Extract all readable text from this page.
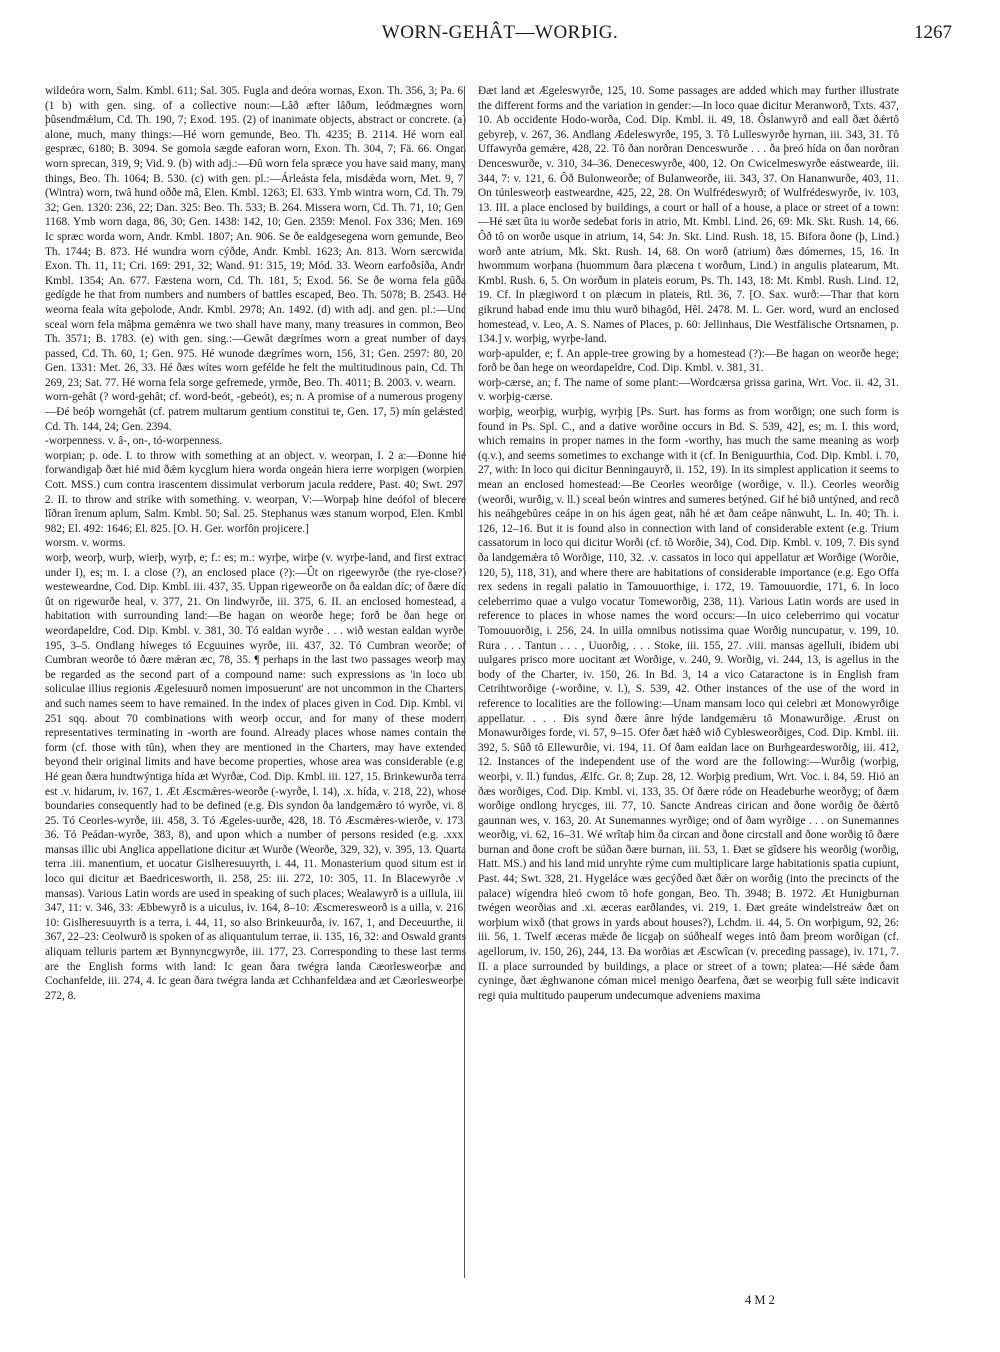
WORN-GEHÂT—WORÞIG.	1267

wildeóra worn, Salm. Kmbl. 611; Sal. 305. Fugla and deóra wornas, Exon. Th. 356, 3; Pa. 6. (1 b) with gen. sing. of a collective noun:—Lâð æfter lâðum, leódmægnes worn, þûsendmǽlum, Cd. Th. 190, 7; Exod. 195. (2) of inanimate objects, abstract or concrete. (a) alone, much, many things:—Hé worn gemunde, Beo. Th. 4235; B. 2114. Hé worn eall gespræc, 6180; B. 3094. Se gomola sægde eaforan worn, Exon. Th. 304, 7; Fä. 66. Ongan worn sprecan, 319, 9; Vid. 9. (b) with adj.:—Ðû worn fela spræce you have said many, many things, Beo. Th. 1064; B. 530. (c) with gen. pl.:—Árleásta fela, misdǽda worn, Met. 9, 7. (Wintra) worn, twâ hund oððe mâ, Elen. Kmbl. 1263; El. 633. Ymb wintra worn, Cd. Th. 79, 32; Gen. 1320: 236, 22; Dan. 325: Beo. Th. 533; B. 264. Missera worn, Cd. Th. 71, 10; Gen. 1168. Ymb worn daga, 86, 30; Gen. 1438: 142, 10; Gen. 2359: Menol. Fox 336; Men. 169. Ic spræc worda worn, Andr. Kmbl. 1807; An. 906. Se ðe ealdgesegena worn gemunde, Beo. Th. 1744; B. 873. Hé wundra worn cýðde, Andr. Kmbl. 1623; An. 813. Worn særcwida, Exon. Th. 11, 11; Cri. 169: 291, 32; Wand. 91: 315, 19; Mód. 33. Weorn earfoðsíða, Andr. Kmbl. 1354; An. 677. Fæstena worn, Cd. Th. 181, 5; Exod. 56. Se ðe worna fela gûða gedígde he that from numbers and numbers of battles escaped, Beo. Th. 5078; B. 2543. Hé weorna feala wíta geþolode, Andr. Kmbl. 2978; An. 1492. (d) with adj. and gen. pl.:—Unc sceal worn fela mâþma gemǽnra we two shall have many, many treasures in common, Beo. Th. 3571; B. 1783. (e) with gen. sing.:—Gewât dægrímes worn a great number of days passed, Cd. Th. 60, 1; Gen. 975. Hé wunode dægrímes worn, 156, 31; Gen. 2597: 80, 20; Gen. 1331: Met. 26, 33. Hé ðæs wítes worn gefélde he felt the multitudinous pain, Cd. Th. 269, 23; Sat. 77. Hé worna fela sorge gefremede, yrmðe, Beo. Th. 4011; B. 2003. v. wearn.

worn-gehât (? word-gehât; cf. word-beót, -gebeót), es; n. A promise of a numerous progeny:—Ðé beóþ worngehât (cf. patrem multarum gentium constitui te, Gen. 17, 5) mín gelǽsted, Cd. Th. 144, 24; Gen. 2394.

-worpenness. v. â-, on-, tó-worpenness.

worpian; p. ode. I. to throw with something at an object. v. weorpan, I. 2 a:—Ðonne hié forwandigaþ ðæt hié mid ðǽm kycglum hiera worda ongeán hiera ierre worpigen (worpien, Cott. MSS.) cum contra irascentem dissimulat verborum jacula reddere, Past. 40; Swt. 297, 2. II. to throw and strike with something. v. weorpan, V:—Worpaþ hine deófol of blecere lîðran îrenum aplum, Salm. Kmbl. 50; Sal. 25. Stephanus wæs stanum worpod, Elen. Kmbl. 982; El. 492: 1646; El. 825. [O. H. Ger. worfôn projicere.]

worsm. v. worms.

worþ, weorþ, wurþ, wierþ, wyrþ, e; f.: es; m.: wyrþe, wirþe (v. wyrþe-land, and first extract under I), es; m. I. a close (?), an enclosed place (?):—Ût on rigeewyrðe (the rye-close?) westeweardne, Cod. Dip. Kmbl. iii. 437, 35. Uppan rigeweorðe on ða ealdan díc; of ðære díc ût on rigewurðe heal, v. 377, 21. On lindwyrðe, iii. 375, 6. II. an enclosed homestead, a habitation with surrounding land:—Be hagan on weorðe hege; forð be ðan hege on weordapeldre, Cod. Dip. Kmbl. v. 381, 30. Tó ealdan wyrðe . . . wið westan ealdan wyrðe, 195, 3–5. Ondlang híweges tó Ecguuines wyrðe, iii. 437, 32. Tó Cumbran weorðe; of Cumbran weorðe tó ðære mǽran æc, 78, 35. ¶ perhaps in the last two passages weorþ may be regarded as the second part of a compound name: such expressions as 'in loco ubi soliculae illius regionis Ægelesuurð nomen imposuerunt' are not uncommon in the Charters, and such names seem to have remained. In the index of places given in Cod. Dip. Kmbl. vi. 251 sqq. about 70 combinations with weorþ occur, and for many of these modern representatives terminating in -worth are found. Already places whose names contain the form (cf. those with tûn), when they are mentioned in the Charters, may have extended beyond their original limits and have become properties, whose area was considerable (e.g. Hé gean ðæra hundtwýntiga hída æt Wyrðæ, Cod. Dip. Kmbl. iii. 127, 15. Brinkewurða terra est .v. hidarum, iv. 167, 1. Æt Æscmǽres-weorðe (-wyrðe, l. 14), .x. hída, v. 218, 22), whose boundaries consequently had to be defined (e.g. Ðis syndon ða landgemǽro tó wyrðe, vi. 8, 25. Tó Ceorles-wyrðe, iii. 458, 3. Tó Ægeles-uurðe, 428, 18. Tó Æscmǽres-wierðe, v. 173, 36. Tó Peádan-wyrðe, 383, 8), and upon which a number of persons resided (e.g. .xxx. mansas illic ubi Anglica appellatione dicitur æt Wurðe (Weorðe, 329, 32), v. 395, 13. Quarta terra .iii. manentium, et uocatur Gislheresuuyrth, i. 44, 11. Monasterium quod situm est in loco qui dicitur æt Baedricesworth, ii. 258, 25: iii. 272, 10: 305, 11. In Blacewyrðe .v. mansas). Various Latin words are used in speaking of such places; Wealawyrð is a uillula, iii. 347, 11: v. 346, 33: Æbbewyrð is a uiculus, iv. 164, 8–10: Æscmeresweorð is a uilla, v. 216, 10: Gislheresuuyrth is a terra, i. 44, 11, so also Brinkeuurða, iv. 167, 1, and Deceuurthe, ii. 367, 22–23: Ceolwurð is spoken of as aliquantulum terrae, ii. 135, 16, 32: and Oswald grants aliquam telluris partem æt Bynnyncgwyrðe, iii. 177, 23. Corresponding to these last terms are the English forms with land: Ic gean ðara twégra landa Cæorlesweorþæ and Cochanfelde, iii. 274, 4. Ic gean ðara twégra landa æt Cchhanfeldæa and æt Cæorlesweorþe, 272, 8.

Ðæt land æt Ægeleswyrðe, 125, 10. Some passages are added which may further illustrate the different forms and the variation in gender:—In loco quae dicitur Meranworð, Txts. 437, 10. Ab occidente Hodo-worða, Cod. Dip. Kmbl. ii. 49, 18. Ôslanwyrð and eall ðæt ðǽrtô gebyreþ, v. 267, 36. Andlang Ædeleswyrðe, 195, 3. Tô Lulleswyrðe hyrnan, iii. 343, 31. Tô Uffawyrða gemǽre, 428, 22. Tô ðan norðran Denceswurðe . . . ða þreó hída on ðan norðran Denceswurðe, v. 310, 34–36. Deneceswyrðe, 400, 12. On Cwicelmeswyrðe eástwearde, iii. 344, 7: v. 121, 6. Ôð Bulonweorðe; of Bulanweorðe, iii. 343, 37. On Hananwurðe, 403, 11. On túnlesweorþ eastweardne, 425, 22, 28. On Wulfrédeswyrð; of Wulfrédeswyrðe, iv. 103, 13. III. a place enclosed by buildings, a court or hall of a house, a place or street of a town:—Hé sæt ûta iu worðe sedebat foris in atrio, Mt. Kmbl. Lind. 26, 69: Mk. Skt. Rush. 14, 66. Ôð tô on worðe usque in atrium, 14, 54: Jn. Skt. Lind. Rush. 18, 15. Bifora ðone (þ, Lind.) worð ante atrium, Mk. Skt. Rush. 14, 68. On worð (atrium) ðæs dómernes, 15, 16. In hwommum worþana (huommum ðara plæcena t worðum, Lind.) in angulis platearum, Mt. Kmbl. Rush. 6, 5. On worðum in plateis eorum, Ps. Th. 143, 18: Mt. Kmbl. Rush. Lind. 12, 19. Cf. In plægiword t on plæcum in plateis, Rtl. 36, 7. [O. Sax. wurð:—Thar that korn gikrund habad ende imu thiu wurð bihagôd, Hêl. 2478. M. L. Ger. word, wurd an enclosed homestead, v. Leo, A. S. Names of Places, p. 60: Jellinhaus, Die Westfälische Ortsnamen, p. 134.] v. worþig, wyrþe-land.

worþ-apulder, e; f. An apple-tree growing by a homestead (?):—Be hagan on weorðe hege; forð be ðan hege on weordapeldre, Cod. Dip. Kmbl. v. 381, 31.

worþ-cærse, an; f. The name of some plant:—Wordcærsa grissa garina, Wrt. Voc. ii. 42, 31. v. worþig-cærse.

worþig, weorþig, wurþig, wyrþig [Ps. Surt. has forms as from worðign; one such form is found in Ps. Spl. C., and a dative worðine occurs in Bd. S. 539, 42], es; m. I. this word, which remains in proper names in the form -worthy, has much the same meaning as worþ (q.v.), and seems sometimes to exchange with it (cf. In Beniguurthia, Cod. Dip. Kmbl. i. 70, 27, with: In loco qui dicitur Benningauyrð, ii. 152, 19). In its simplest application it seems to mean an enclosed homestead:—Be Ceorles weorðige (worðige, v. ll.). Ceorles weorðig (weorði, wurðig, v. ll.) sceal beón wintres and sumeres betýned. Gif hé bið untýned, and recð his neáhgebûres ceápe in on his ágen geat, nâh hé æt ðam ceápe nânwuht, L. In. 40; Th. i. 126, 12–16. But it is found also in connection with land of considerable extent (e.g. Trium cassatorum in loco qui dicitur Worði (cf. tô Worðie, 34), Cod. Dip. Kmbl. v. 109, 7. Ðis synd ða landgemǽra tô Worðige, 110, 32. .v. cassatos in loco qui appellatur æt Worðige (Worðie, 120, 5), 118, 31), and where there are habitations of considerable importance (e.g. Ego Offa rex sedens in regali palatio in Tamouuorthige, i. 172, 19. Tamouuordie, 171, 6. In loco celeberrimo quae a vulgo vocatur Tomeworðig, 238, 11). Various Latin words are used in reference to places in whose names the word occurs:—In uico celeberrimo qui vocatur Tomouuorðig, i. 256, 24. In uilla omnibus notissima quae Worðig nuncupatur, v. 199, 10. Rura . . . Tantun . . . , Uuorðig, . . . Stoke, iii. 155, 27. .viii. mansas agelluli, ibidem ubi uulgares prisco more uocitant æt Worðige, v. 240, 9. Worðig, vi. 244, 13, is agellus in the body of the Charter, iv. 150, 26. In Bd. 3, 14 a vico Cataractone is in English fram Cetrihtworðige (-worðine, v. l.), S. 539, 42. Other instances of the use of the word in reference to localities are the following:—Unam mansam loco qui celebri æt Monowyrðige appellatur. . . . Ðis synd ðære ânre hýde landgemǽru tô Monawurðige. Ærust on Monawurðiges forde, vi. 57, 9–15. Ofer ðæt hǽð wið Cyblesweorðiges, Cod. Dip. Kmbl. iii. 392, 5. Sûð tô Ellewurðie, vi. 194, 11. Of ðam ealdan lace on Burhgeardesworðig, iii. 412, 12. Instances of the independent use of the word are the following:—Wurðig (worþig, weorþi, v. ll.) fundus, Ælfc. Gr. 8; Zup. 28, 12. Worþig predium, Wrt. Voc. i. 84, 59. Hió an ðæs worðiges, Cod. Dip. Kmbl. vi. 133, 35. Of ðære róde on Headeburhe weorðyg; of ðæm worðige ondlong hrycges, iii. 77, 10. Sancte Andreas cirican and ðone worðig ðe ðǽrtô gaunnan wes, v. 163, 20. At Sunemannes wyrðige; ond of ðam wyrðige . . . on Sunemannes weorðig, vi. 62, 16–31. Wé wrîtaþ him ða circan and ðone circstall and ðone worðig tô ðære burnan and ðone croft be súðan ðære burnan, iii. 53, 1. Ðæt se gîdsere his weorðig (worðig, Hatt. MS.) and his land mid unryhte rýme cum multiplicare large habitationis spatia cupiunt, Past. 44; Swt. 328, 21. Hygeláce wæs gecýðed ðæt ðǽr on worðig (into the precincts of the palace) wígendra hleó cwom tô hofe gongan, Beo. Th. 3948; B. 1972. Æt Hunigburnan twégen weorðias and .xi. æceras earðlandes, vi. 219, 1. Ðæt greáte windelstreáw ðæt on worþium wixð (that grows in yards about houses?), Lchdm. ii. 44, 5. On worþigum, 92, 26: iii. 56, 1. Twelf æceras mǽde ðe licgaþ on súðhealf weges intô ðam þreom worðigan (cf. agellorum, iv. 150, 26), 244, 13. Ða worðias æt Æscwîcan (v. preceding passage), iv. 171, 7. II. a place surrounded by buildings, a place or street of a town; platea:—Hé sǽde ðam cyninge, ðæt ǽghwanone cóman micel menigo ðearfena, ðæt se weorþig full sǽte indicavit regi quia multitudo pauperum undecumque adveniens maxima

4 M 2
